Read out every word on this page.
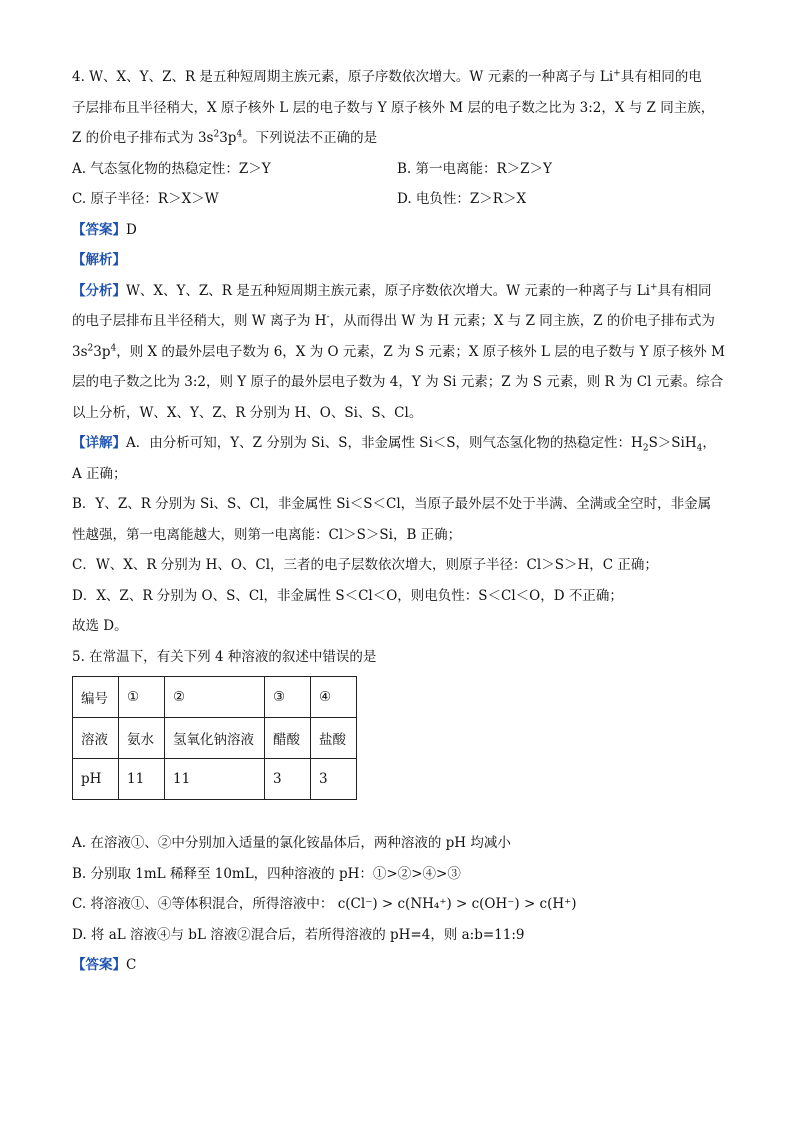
4. W、X、Y、Z、R 是五种短周期主族元素，原子序数依次增大。W 元素的一种离子与 Li+具有相同的电
子层排布且半径稍大，X 原子核外 L 层的电子数与 Y 原子核外 M 层的电子数之比为 3:2，X 与 Z 同主族，
Z 的价电子排布式为 $3s^23p^4$。下列说法不正确的是
A. 气态氢化物的热稳定性：Z＞Y	B. 第一电离能：R＞Z＞Y
C. 原子半径：R＞X＞W	D. 电负性：Z＞R＞X
【答案】D
【解析】
【分析】W、X、Y、Z、R 是五种短周期主族元素，原子序数依次增大。W 元素的一种离子与 Li+具有相同
的电子层排布且半径稍大，则 W 离子为 H-，从而得出 W 为 H 元素；X 与 Z 同主族，Z 的价电子排布式为
$3s^23p^4$，则 X 的最外层电子数为 6，X 为 O 元素，Z 为 S 元素；X 原子核外 L 层的电子数与 Y 原子核外 M
层的电子数之比为 3:2，则 Y 原子的最外层电子数为 4，Y 为 Si 元素；Z 为 S 元素，则 R 为 Cl 元素。综合
以上分析，W、X、Y、Z、R 分别为 H、O、Si、S、Cl。
【详解】A．由分析可知，Y、Z 分别为 Si、S，非金属性 Si＜S，则气态氢化物的热稳定性：$H_2S>SiH_4$，
A 正确；
B．Y、Z、R 分别为 Si、S、Cl，非金属性 Si＜S＜Cl，当原子最外层不处于半满、全满或全空时，非金属
性越强，第一电离能越大，则第一电离能：Cl＞S＞Si，B 正确；
C．W、X、R 分别为 H、O、Cl，三者的电子层数依次增大，则原子半径：Cl＞S＞H，C 正确；
D．X、Z、R 分别为 O、S、Cl，非金属性 S＜Cl＜O，则电负性：S＜Cl＜O，D 不正确；
故选 D。
5. 在常温下，有关下列 4 种溶液的叙述中错误的是
编号	①	②	③	④
溶液	氨水	氢氧化钠溶液	醋酸	盐酸
pH	11	11	3	3
A. 在溶液①、②中分别加入适量的氯化铵晶体后，两种溶液的 pH 均减小
B. 分别取 1mL 稀释至 10mL，四种溶液的 pH：①>②>④>③
C. 将溶液①、④等体积混合，所得溶液中： c(Cl⁻) > c(NH₄⁺) > c(OH⁻) > c(H⁺)
D. 将 aL 溶液④与 bL 溶液②混合后，若所得溶液的 pH=4，则 a:b=11:9
【答案】C
